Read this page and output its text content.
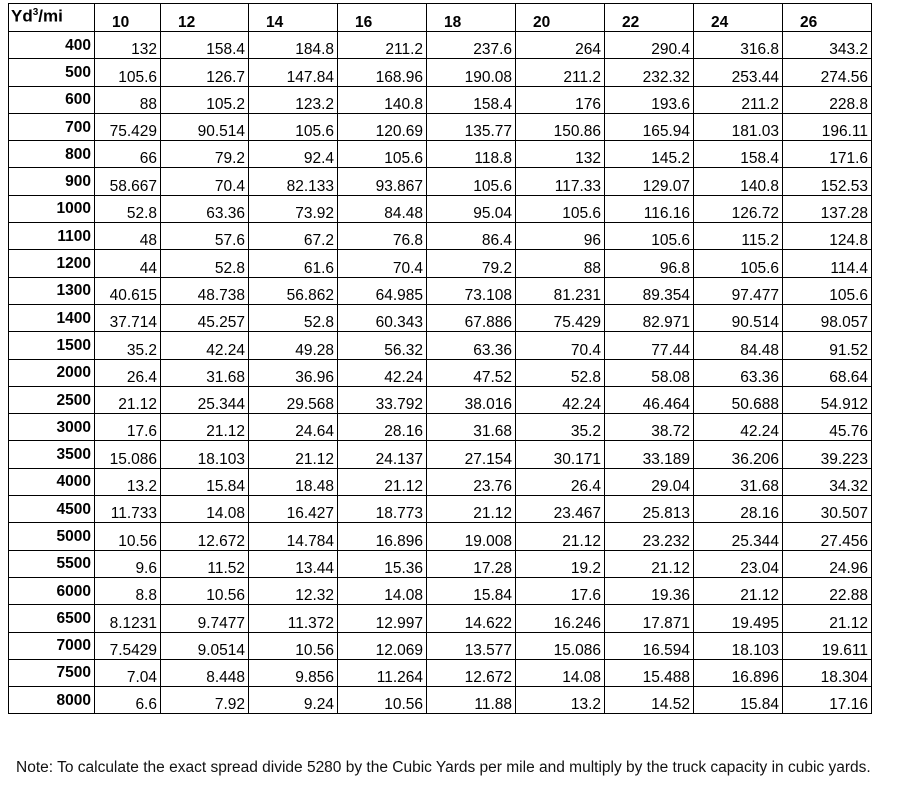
Yd$^3$/mi	10	12	14	16	18	20	22	24	26
400	132	158.4	184.8	211.2	237.6	264	290.4	316.8	343.2
500	105.6	126.7	147.84	168.96	190.08	211.2	232.32	253.44	274.56
600	88	105.2	123.2	140.8	158.4	176	193.6	211.2	228.8
700	75.429	90.514	105.6	120.69	135.77	150.86	165.94	181.03	196.11
800	66	79.2	92.4	105.6	118.8	132	145.2	158.4	171.6
900	58.667	70.4	82.133	93.867	105.6	117.33	129.07	140.8	152.53
1000	52.8	63.36	73.92	84.48	95.04	105.6	116.16	126.72	137.28
1100	48	57.6	67.2	76.8	86.4	96	105.6	115.2	124.8
1200	44	52.8	61.6	70.4	79.2	88	96.8	105.6	114.4
1300	40.615	48.738	56.862	64.985	73.108	81.231	89.354	97.477	105.6
1400	37.714	45.257	52.8	60.343	67.886	75.429	82.971	90.514	98.057
1500	35.2	42.24	49.28	56.32	63.36	70.4	77.44	84.48	91.52
2000	26.4	31.68	36.96	42.24	47.52	52.8	58.08	63.36	68.64
2500	21.12	25.344	29.568	33.792	38.016	42.24	46.464	50.688	54.912
3000	17.6	21.12	24.64	28.16	31.68	35.2	38.72	42.24	45.76
3500	15.086	18.103	21.12	24.137	27.154	30.171	33.189	36.206	39.223
4000	13.2	15.84	18.48	21.12	23.76	26.4	29.04	31.68	34.32
4500	11.733	14.08	16.427	18.773	21.12	23.467	25.813	28.16	30.507
5000	10.56	12.672	14.784	16.896	19.008	21.12	23.232	25.344	27.456
5500	9.6	11.52	13.44	15.36	17.28	19.2	21.12	23.04	24.96
6000	8.8	10.56	12.32	14.08	15.84	17.6	19.36	21.12	22.88
6500	8.1231	9.7477	11.372	12.997	14.622	16.246	17.871	19.495	21.12
7000	7.5429	9.0514	10.56	12.069	13.577	15.086	16.594	18.103	19.611
7500	7.04	8.448	9.856	11.264	12.672	14.08	15.488	16.896	18.304
8000	6.6	7.92	9.24	10.56	11.88	13.2	14.52	15.84	17.16
Note: To calculate the exact spread divide 5280 by the Cubic Yards per mile and multiply by the truck capacity in cubic yards.
